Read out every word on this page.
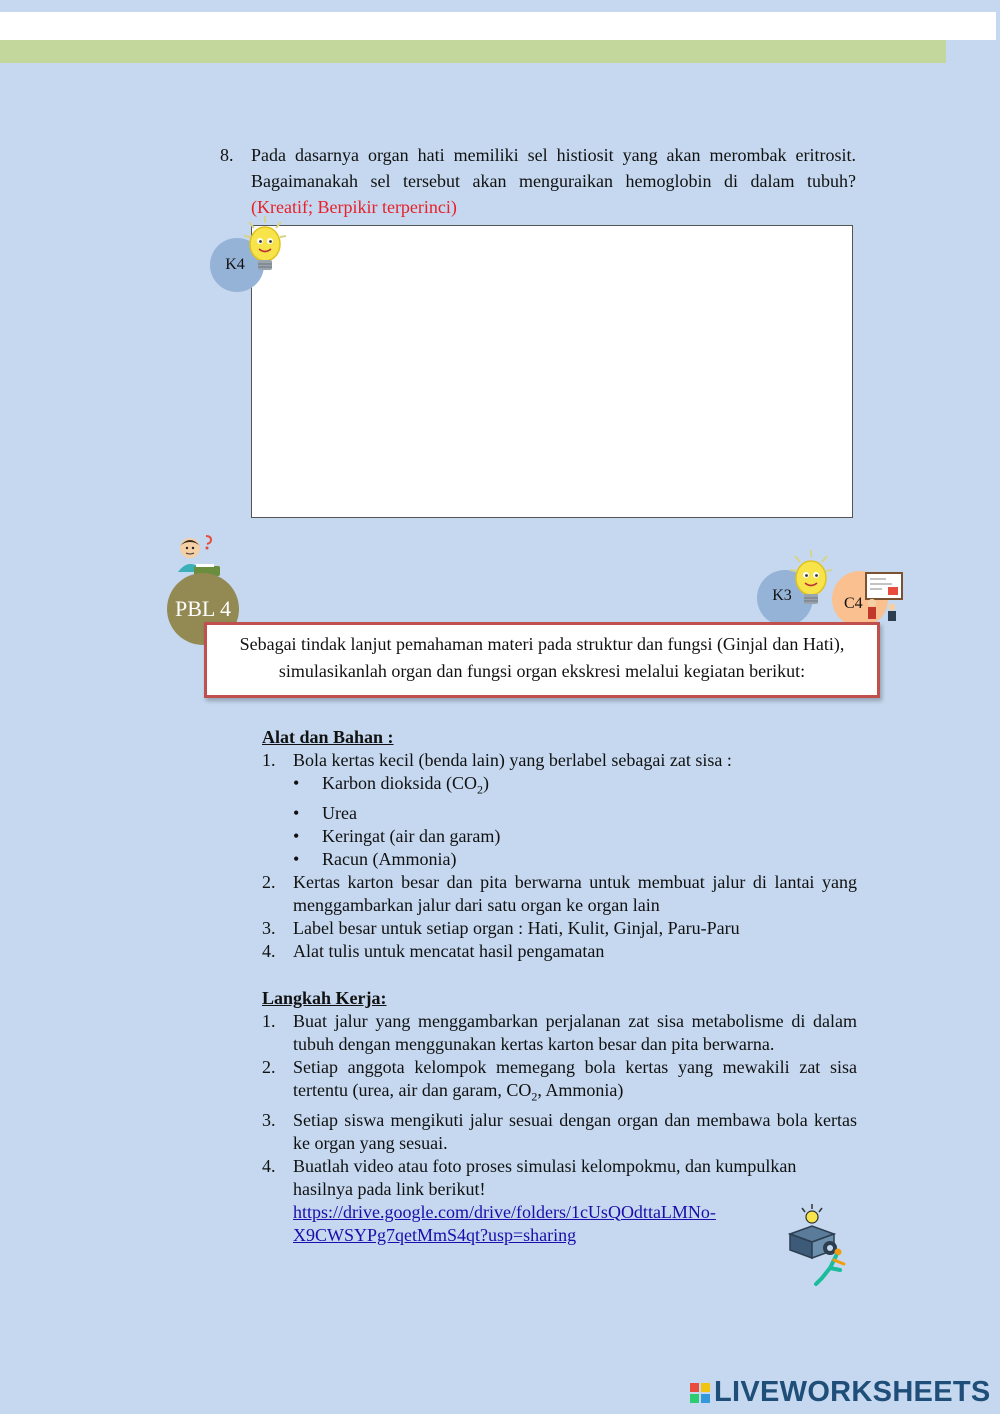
8. Pada dasarnya organ hati memiliki sel histiosit yang akan merombak eritrosit. Bagaimanakah sel tersebut akan menguraikan hemoglobin di dalam tubuh? (Kreatif; Berpikir terperinci)
K4
PBL 4	C4
K3
Sebagai tindak lanjut pemahaman materi pada struktur dan fungsi (Ginjal dan Hati), simulasikanlah organ dan fungsi organ ekskresi melalui kegiatan berikut:
Alat dan Bahan :
1. Bola kertas kecil (benda lain) yang berlabel sebagai zat sisa :
• Karbon dioksida $(CO_2)$
• Urea
• Keringat (air dan garam)
• Racun (Ammonia)
2. Kertas karton besar dan pita berwarna untuk membuat jalur di lantai yang menggambarkan jalur dari satu organ ke organ lain
3. Label besar untuk setiap organ : Hati, Kulit, Ginjal, Paru-Paru
4. Alat tulis untuk mencatat hasil pengamatan
Langkah Kerja:
1. Buat jalur yang menggambarkan perjalanan zat sisa metabolisme di dalam tubuh dengan menggunakan kertas karton besar dan pita berwarna.
2. Setiap anggota kelompok memegang bola kertas yang mewakili zat sisa tertentu (urea, air dan garam, $CO_2$, Ammonia)
3. Setiap siswa mengikuti jalur sesuai dengan organ dan membawa bola kertas ke organ yang sesuai.
4. Buatlah video atau foto proses simulasi kelompokmu, dan kumpulkan hasilnya pada link berikut!
https://drive.google.com/drive/folders/1cUsQOdttaLMNo-
X9CWSYPg7qetMmS4qt?usp=sharing
LIVEWORKSHEETS
